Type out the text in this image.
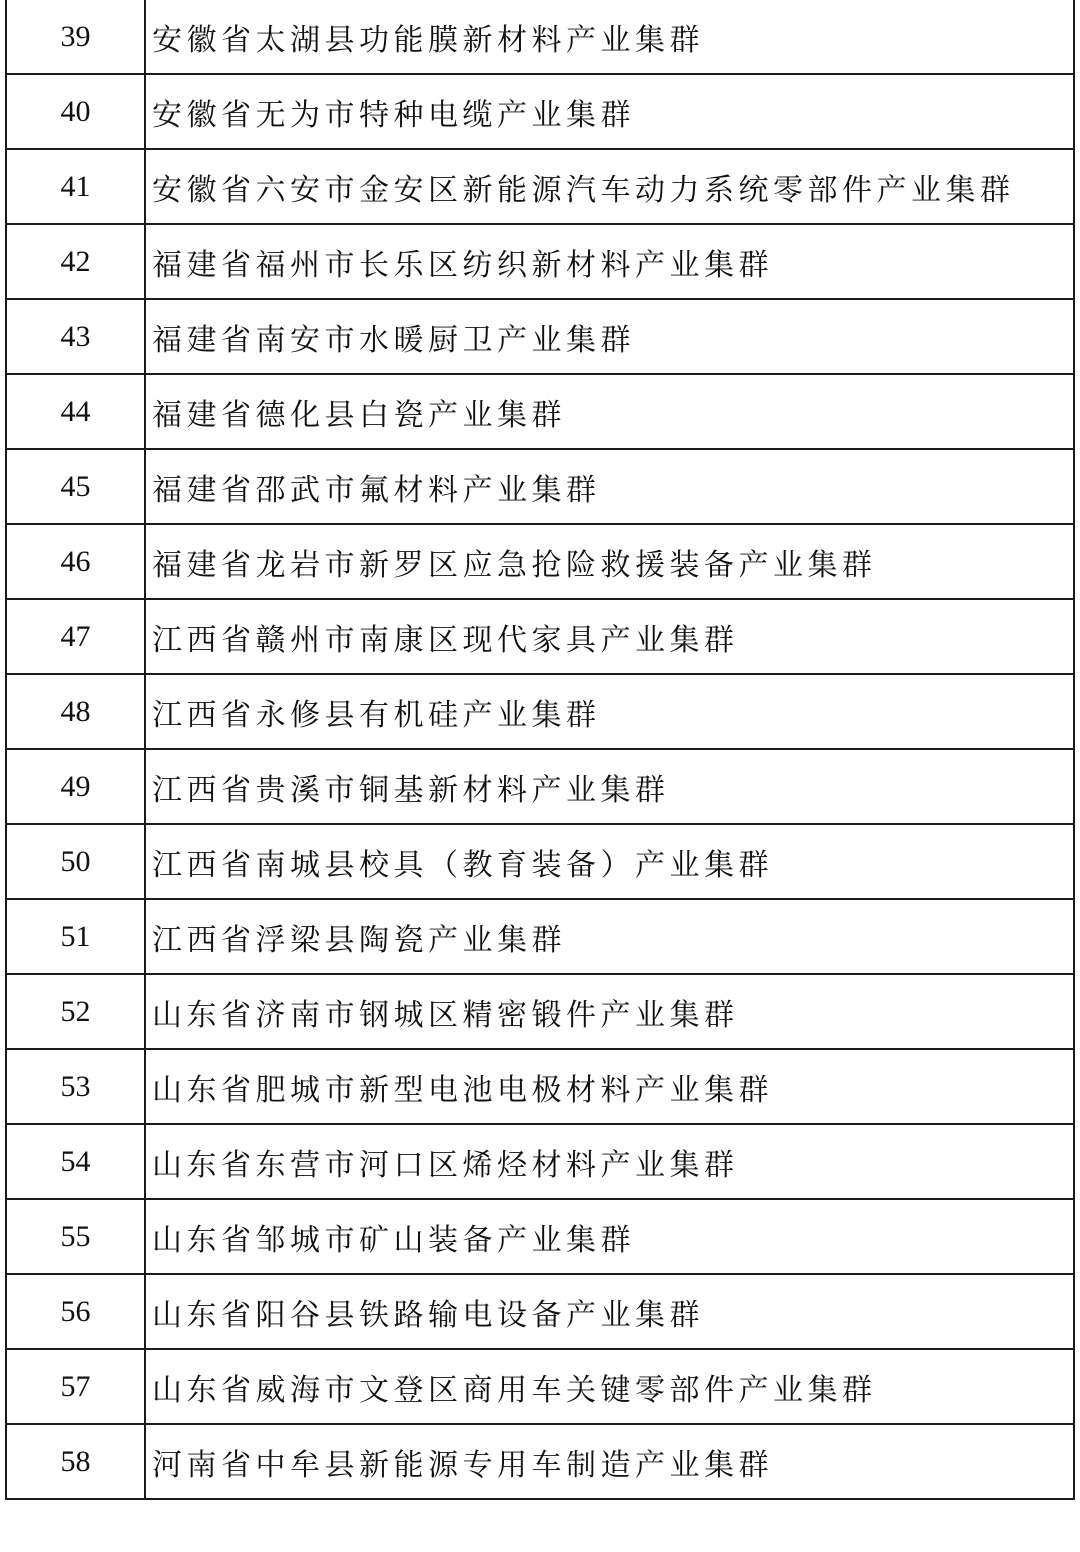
39	安徽省太湖县功能膜新材料产业集群
40	安徽省无为市特种电缆产业集群
41	安徽省六安市金安区新能源汽车动力系统零部件产业集群
42	福建省福州市长乐区纺织新材料产业集群
43	福建省南安市水暖厨卫产业集群
44	福建省德化县白瓷产业集群
45	福建省邵武市氟材料产业集群
46	福建省龙岩市新罗区应急抢险救援装备产业集群
47	江西省赣州市南康区现代家具产业集群
48	江西省永修县有机硅产业集群
49	江西省贵溪市铜基新材料产业集群
50	江西省南城县校具（教育装备）产业集群
51	江西省浮梁县陶瓷产业集群
52	山东省济南市钢城区精密锻件产业集群
53	山东省肥城市新型电池电极材料产业集群
54	山东省东营市河口区烯烃材料产业集群
55	山东省邹城市矿山装备产业集群
56	山东省阳谷县铁路输电设备产业集群
57	山东省威海市文登区商用车关键零部件产业集群
58	河南省中牟县新能源专用车制造产业集群
